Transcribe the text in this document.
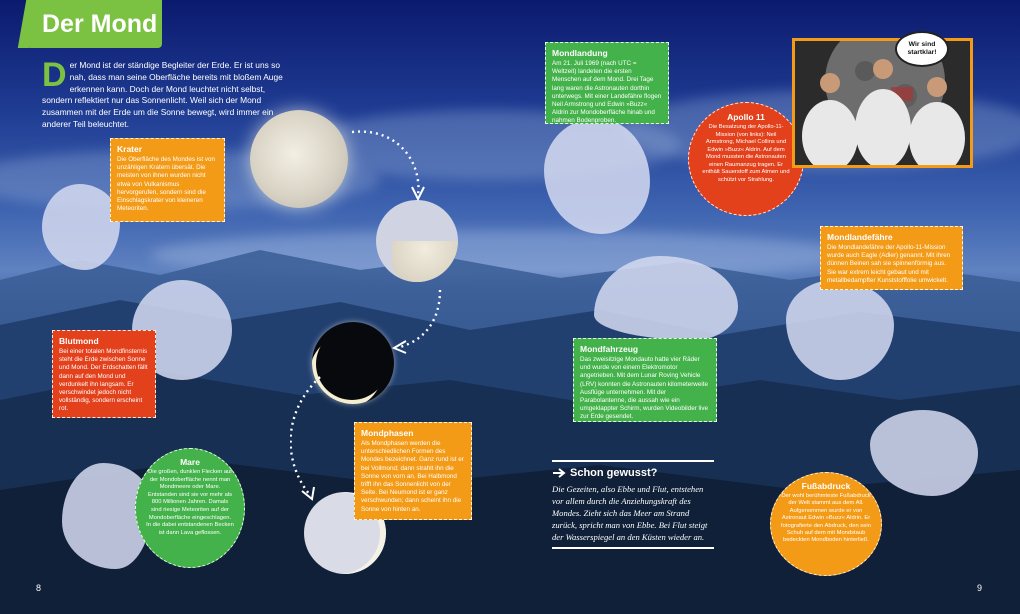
Der Mond
Der Mond ist der ständige Begleiter der Erde. Er ist uns so nah, dass man seine Oberfläche bereits mit bloßem Auge erkennen kann. Doch der Mond leuchtet nicht selbst, sondern reflektiert nur das Sonnenlicht. Weil sich der Mond zusammen mit der Erde um die Sonne bewegt, wird immer ein anderer Teil beleuchtet.
Krater
Die Oberfläche des Mondes ist von unzähligen Kratern übersät. Die meisten von ihnen wurden nicht etwa von Vulkanismus hervorgerufen, sondern sind die Einschlagskrater von kleineren Meteoriten.
Blutmond
Bei einer totalen Mondfinsternis steht die Erde zwischen Sonne und Mond. Der Erdschatten fällt dann auf den Mond und verdunkelt ihn langsam. Er verschwindet jedoch nicht vollständig, sondern erscheint rot.
Mare
Die großen, dunklen Flecken auf der Mondoberfläche nennt man Mondmeere oder Mare. Entstanden sind sie vor mehr als 800 Millionen Jahren. Damals sind riesige Meteoriten auf der Mondoberfläche eingeschlagen. In die dabei entstandenen Becken ist dann Lava geflossen.
Mondphasen
Als Mondphasen werden die unterschiedlichen Formen des Mondes bezeichnet. Ganz rund ist er bei Vollmond; dann strahlt ihn die Sonne von vorn an. Bei Halbmond trifft ihn das Sonnenlicht von der Seite. Bei Neumond ist er ganz verschwunden; dann scheint ihn die Sonne von hinten an.
Mondlandung
Am 21. Juli 1969 (nach UTC = Weltzeit) landeten die ersten Menschen auf dem Mond. Drei Tage lang waren die Astronauten dorthin unterwegs. Mit einer Landefähre flogen Neil Armstrong und Edwin »Buzz« Aldrin zur Mondoberfläche hinab und nahmen Bodenproben.	Apollo 11
Die Besatzung der Apollo-11-Mission (von links): Neil Armstrong, Michael Collins und Edwin »Buzz« Aldrin. Auf dem Mond mussten die Astronauten einen Raumanzug tragen. Er enthält Sauerstoff zum Atmen und schützt vor Strahlung.
Wir sind startklar!
Mondlandefähre
Die Mondlandefähre der Apollo-11-Mission wurde auch Eagle (Adler) genannt. Mit ihren dünnen Beinen sah sie spinnenförmig aus. Sie war extrem leicht gebaut und mit metallbedampfter Kunststofffolie umwickelt.
Mondfahrzeug
Das zweisitzige Mondauto hatte vier Räder und wurde von einem Elektromotor angetrieben. Mit dem Lunar Roving Vehicle (LRV) konnten die Astronauten kilometerweite Ausflüge unternehmen. Mit der Parabolantenne, die aussah wie ein umgeklappter Schirm, wurden Videobilder live zur Erde gesendet.
Fußabdruck
Der wohl berühmteste Fußabdruck der Welt stammt aus dem All. Aufgenommen wurde er von Astronaut Edwin »Buzz« Aldrin. Er fotografierte den Abdruck, den sein Schuh auf dem mit Mondstaub bedeckten Mondboden hinterließ.
Schon gewusst?
Die Gezeiten, also Ebbe und Flut, entstehen vor allem durch die Anziehungskraft des Mondes. Zieht sich das Meer am Strand zurück, spricht man von Ebbe. Bei Flut steigt der Wasserspiegel an den Küsten wieder an.
8	9
